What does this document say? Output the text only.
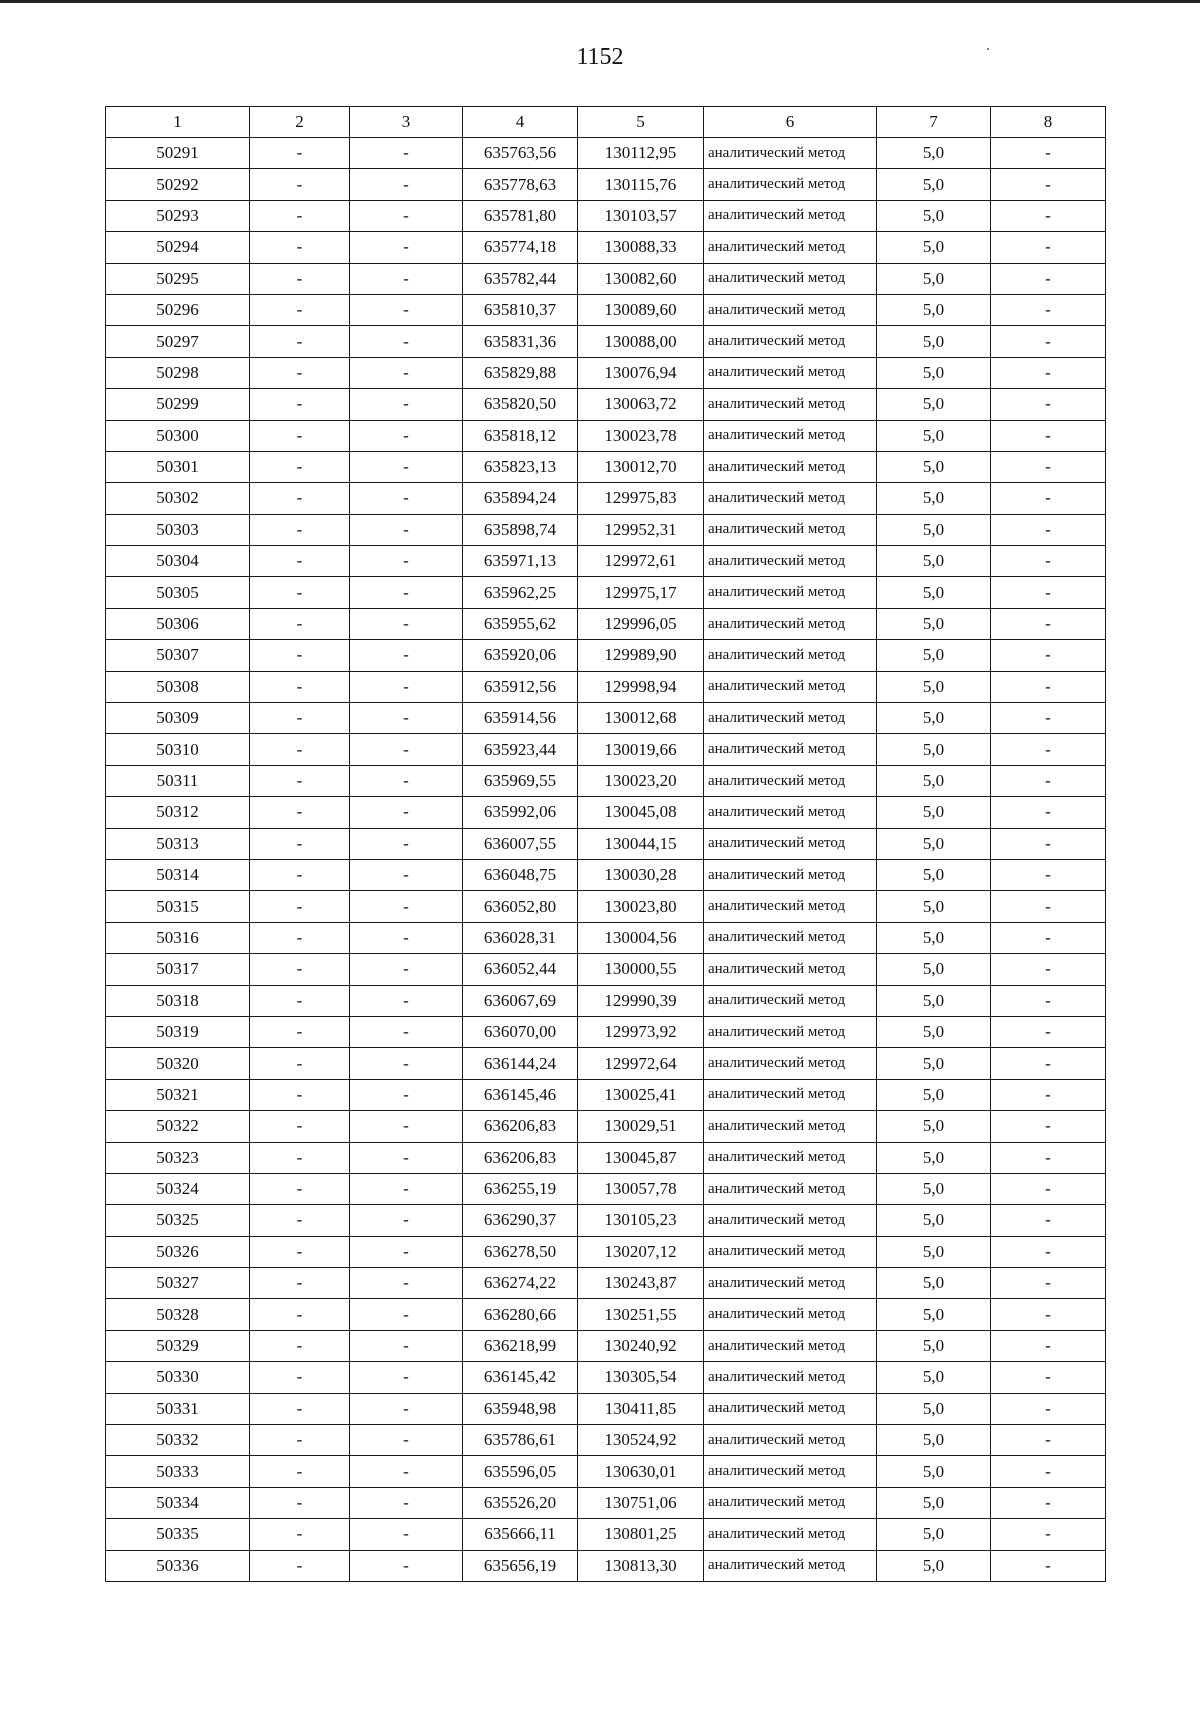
1152
1	2	3	4	5	6	7	8
50291	-	-	635763,56	130112,95	аналитический метод	5,0	-
50292	-	-	635778,63	130115,76	аналитический метод	5,0	-
50293	-	-	635781,80	130103,57	аналитический метод	5,0	-
50294	-	-	635774,18	130088,33	аналитический метод	5,0	-
50295	-	-	635782,44	130082,60	аналитический метод	5,0	-
50296	-	-	635810,37	130089,60	аналитический метод	5,0	-
50297	-	-	635831,36	130088,00	аналитический метод	5,0	-
50298	-	-	635829,88	130076,94	аналитический метод	5,0	-
50299	-	-	635820,50	130063,72	аналитический метод	5,0	-
50300	-	-	635818,12	130023,78	аналитический метод	5,0	-
50301	-	-	635823,13	130012,70	аналитический метод	5,0	-
50302	-	-	635894,24	129975,83	аналитический метод	5,0	-
50303	-	-	635898,74	129952,31	аналитический метод	5,0	-
50304	-	-	635971,13	129972,61	аналитический метод	5,0	-
50305	-	-	635962,25	129975,17	аналитический метод	5,0	-
50306	-	-	635955,62	129996,05	аналитический метод	5,0	-
50307	-	-	635920,06	129989,90	аналитический метод	5,0	-
50308	-	-	635912,56	129998,94	аналитический метод	5,0	-
50309	-	-	635914,56	130012,68	аналитический метод	5,0	-
50310	-	-	635923,44	130019,66	аналитический метод	5,0	-
50311	-	-	635969,55	130023,20	аналитический метод	5,0	-
50312	-	-	635992,06	130045,08	аналитический метод	5,0	-
50313	-	-	636007,55	130044,15	аналитический метод	5,0	-
50314	-	-	636048,75	130030,28	аналитический метод	5,0	-
50315	-	-	636052,80	130023,80	аналитический метод	5,0	-
50316	-	-	636028,31	130004,56	аналитический метод	5,0	-
50317	-	-	636052,44	130000,55	аналитический метод	5,0	-
50318	-	-	636067,69	129990,39	аналитический метод	5,0	-
50319	-	-	636070,00	129973,92	аналитический метод	5,0	-
50320	-	-	636144,24	129972,64	аналитический метод	5,0	-
50321	-	-	636145,46	130025,41	аналитический метод	5,0	-
50322	-	-	636206,83	130029,51	аналитический метод	5,0	-
50323	-	-	636206,83	130045,87	аналитический метод	5,0	-
50324	-	-	636255,19	130057,78	аналитический метод	5,0	-
50325	-	-	636290,37	130105,23	аналитический метод	5,0	-
50326	-	-	636278,50	130207,12	аналитический метод	5,0	-
50327	-	-	636274,22	130243,87	аналитический метод	5,0	-
50328	-	-	636280,66	130251,55	аналитический метод	5,0	-
50329	-	-	636218,99	130240,92	аналитический метод	5,0	-
50330	-	-	636145,42	130305,54	аналитический метод	5,0	-
50331	-	-	635948,98	130411,85	аналитический метод	5,0	-
50332	-	-	635786,61	130524,92	аналитический метод	5,0	-
50333	-	-	635596,05	130630,01	аналитический метод	5,0	-
50334	-	-	635526,20	130751,06	аналитический метод	5,0	-
50335	-	-	635666,11	130801,25	аналитический метод	5,0	-
50336	-	-	635656,19	130813,30	аналитический метод	5,0	-
